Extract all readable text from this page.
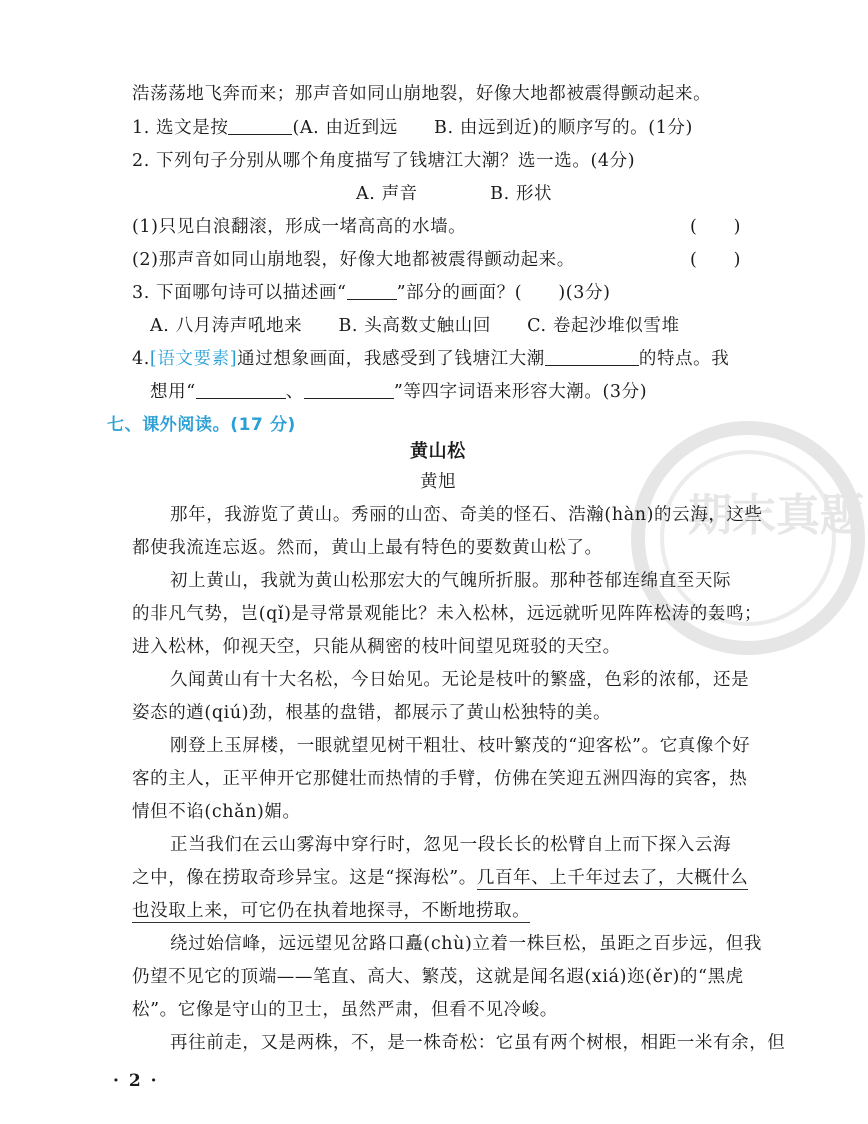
期末真题
浩荡荡地飞奔而来；那声音如同山崩地裂，好像大地都被震得颤动起来。
1. 选文是按	(A. 由近到远　　B. 由远到近)的顺序写的。(1分)
2. 下列句子分别从哪个角度描写了钱塘江大潮？选一选。(4分)
A. 声音　　　　B. 形状
(1)只见白浪翻滚，形成一堵高高的水墙。	(　　)
(2)那声音如同山崩地裂，好像大地都被震得颤动起来。	(　　)
3. 下面哪句诗可以描述画“	”部分的画面？(　　)(3分)
A. 八月涛声吼地来　　B. 头高数丈触山回　　C. 卷起沙堆似雪堆
4.[语文要素]通过想象画面，我感受到了钱塘江大潮	的特点。我
想用“	、	”等四字词语来形容大潮。(3分)
七、课外阅读。(17 分)
黄山松
黄旭
那年，我游览了黄山。秀丽的山峦、奇美的怪石、浩瀚(hàn)的云海，这些
都使我流连忘返。然而，黄山上最有特色的要数黄山松了。
初上黄山，我就为黄山松那宏大的气魄所折服。那种苍郁连绵直至天际
的非凡气势，岂(qǐ)是寻常景观能比？未入松林，远远就听见阵阵松涛的轰鸣；
进入松林，仰视天空，只能从稠密的枝叶间望见斑驳的天空。
久闻黄山有十大名松，今日始见。无论是枝叶的繁盛，色彩的浓郁，还是
姿态的遒(qiú)劲，根基的盘错，都展示了黄山松独特的美。
刚登上玉屏楼，一眼就望见树干粗壮、枝叶繁茂的“迎客松”。它真像个好
客的主人，正平伸开它那健壮而热情的手臂，仿佛在笑迎五洲四海的宾客，热
情但不谄(chǎn)媚。
正当我们在云山雾海中穿行时，忽见一段长长的松臂自上而下探入云海
之中，像在捞取奇珍异宝。这是“探海松”。几百年、上千年过去了，大概什么
也没取上来，可它仍在执着地探寻，不断地捞取。
绕过始信峰，远远望见岔路口矗(chù)立着一株巨松，虽距之百步远，但我
仍望不见它的顶端——笔直、高大、繁茂，这就是闻名遐(xiá)迩(ěr)的“黑虎
松”。它像是守山的卫士，虽然严肃，但看不见冷峻。
再往前走，又是两株，不，是一株奇松：它虽有两个树根，相距一米有余，但
· 2 ·
